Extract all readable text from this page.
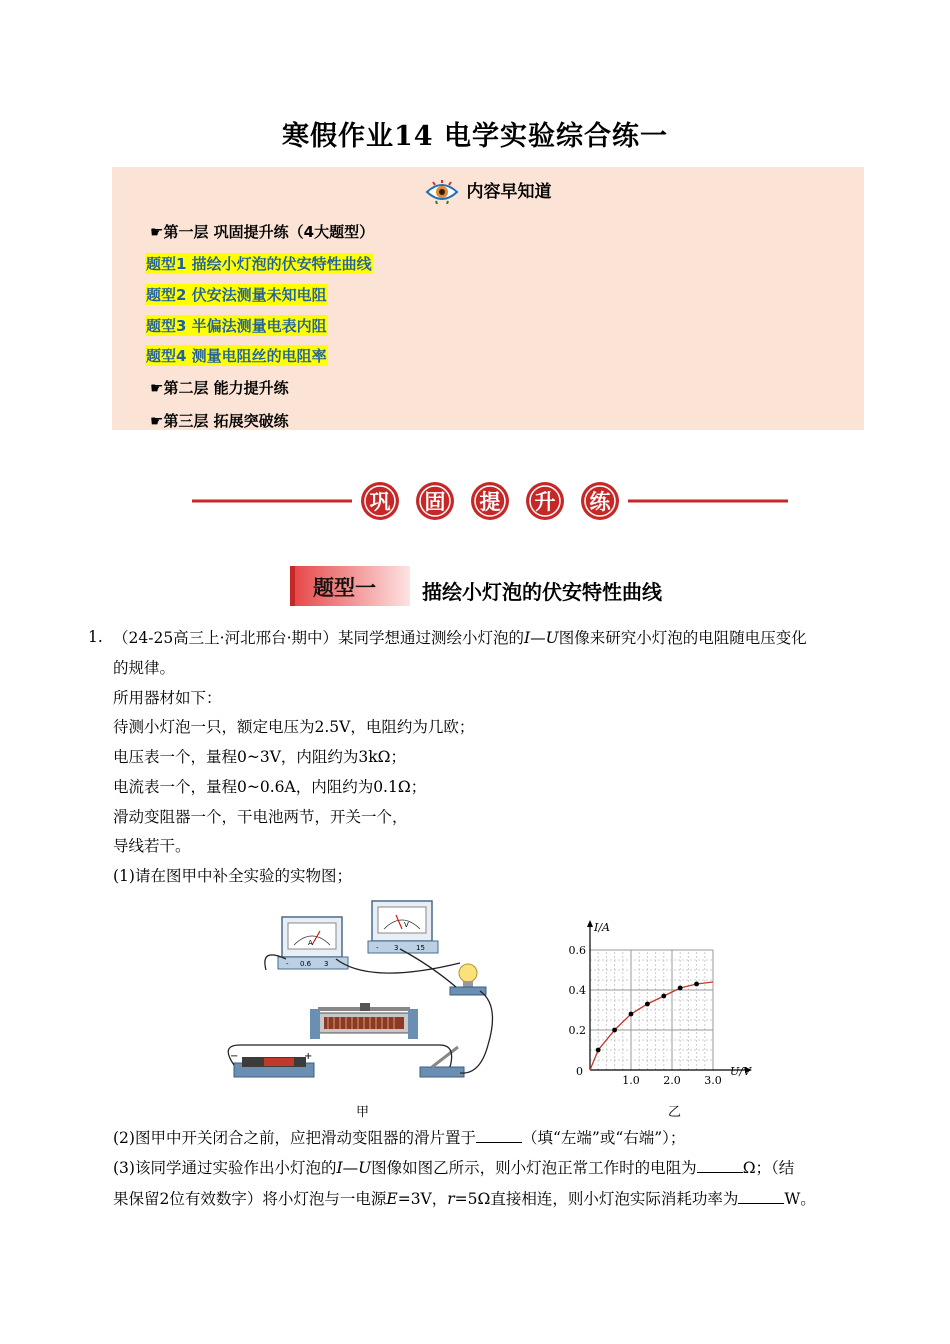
寒假作业14 电学实验综合练一
内容早知道
☛第一层 巩固提升练（4大题型）
题型1 描绘小灯泡的伏安特性曲线
题型2 伏安法测量未知电阻
题型3 半偏法测量电表内阻
题型4 测量电阻丝的电阻率
☛第二层 能力提升练
☛第三层 拓展突破练
巩 固 提 升 练
题型一 描绘小灯泡的伏安特性曲线
1. （24-25高三上·河北邢台·期中）某同学想通过测绘小灯泡的I—U图像来研究小灯泡的电阻随电压变化
的规律。
所用器材如下：
待测小灯泡一只，额定电压为2.5V，电阻约为几欧；
电压表一个，量程0~3V，内阻约为3kΩ；
电流表一个，量程0~0.6A，内阻约为0.1Ω；
滑动变阻器一个，干电池两节，开关一个，
导线若干。
(1)请在图甲中补全实验的实物图；
A
- 0.6 3
V
- 3	15
−	+
甲
I/A
U/V
0
1.0 2.0 3.0
0.2
0.4
0.6
乙
(2)图甲中开关闭合之前，应把滑动变阻器的滑片置于	（填“左端”或“右端”）；
(3)该同学通过实验作出小灯泡的I—U图像如图乙所示，则小灯泡正常工作时的电阻为	Ω；（结
果保留2位有效数字）将小灯泡与一电源E=3V，r=5Ω直接相连，则小灯泡实际消耗功率为	W。
